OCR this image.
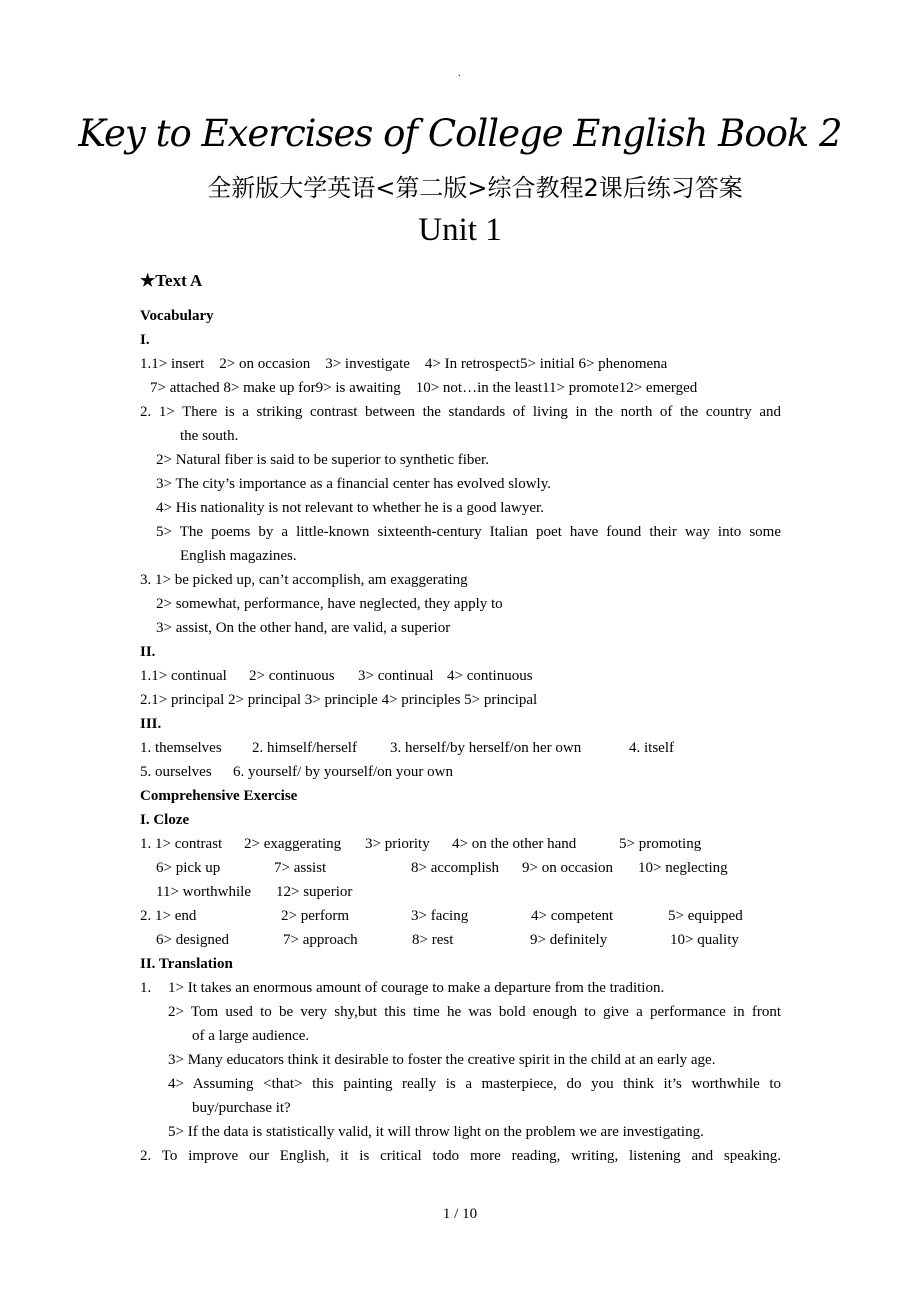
.
Key to Exercises of College English Book 2
全新版大学英语<第二版>综合教程2课后练习答案
Unit 1
★Text A
Vocabulary
I.
1.1> insert    2> on occasion    3> investigate    4> In retrospect5> initial 6> phenomena
7> attached 8> make up for9> is awaiting    10> not…in the least11> promote12> emerged
2. 1> There is a striking contrast between the standards of living in the north of the country and
the south.
2> Natural fiber is said to be superior to synthetic fiber.
3> The city’s importance as a financial center has evolved slowly.
4> His nationality is not relevant to whether he is a good lawyer.
5> The poems by a little-known sixteenth-century Italian poet have found their way into some
English magazines.
3. 1> be picked up, can’t accomplish, am exaggerating
2> somewhat, performance, have neglected, they apply to
3> assist, On the other hand, are valid, a superior
II.

1.1> continual

2> continuous

3> continual

4> continuous

2.1> principal 2> principal 3> principle 4> principles 5> principal
III.

1. themselves

2. himself/herself

3. herself/by herself/on her own

	4. itself

5. ourselves

6. yourself/ by yourself/on your own

Comprehensive Exercise
I. Cloze

1. 1> contrast

2> exaggerating

3> priority

4> on the other hand

	5> promoting

6> pick up

	7> assist

	8> accomplish

9> on occasion

10> neglecting

11> worthwhile

12> superior

2. 1> end

	2> perform

	3> facing

	4> competent

	5> equipped

6> designed

	7> approach

	8> rest

	9> definitely

	10> quality

II. Translation

1.

1> It takes an enormous amount of courage to make a departure from the tradition.

2> Tom used to be very shy,but this time he was bold enough to give a performance in front
of a large audience.
3> Many educators think it desirable to foster the creative spirit in the child at an early age.
4> Assuming <that> this painting really is a masterpiece, do you think it’s worthwhile to
buy/purchase it?
5> If the data is statistically valid, it will throw light on the problem we are investigating.
2. To improve our English, it is critical todo more reading, writing, listening and speaking.
1 / 10
